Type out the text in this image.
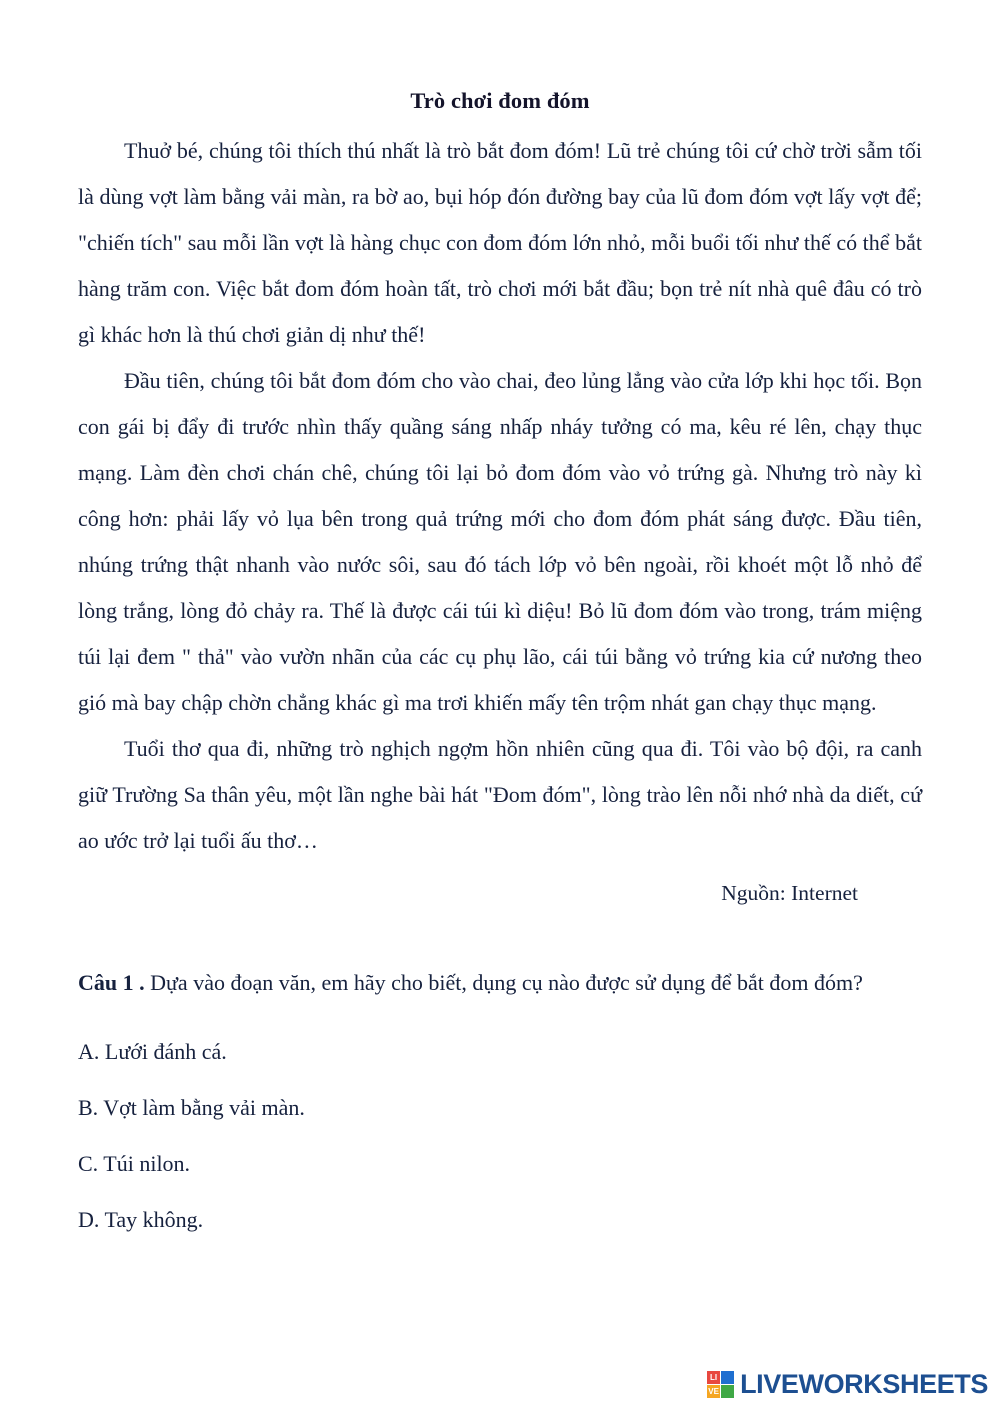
Trò chơi đom đóm

Thuở bé, chúng tôi thích thú nhất là trò bắt đom đóm! Lũ trẻ chúng tôi cứ chờ trời sẫm tối là dùng vợt làm bằng vải màn, ra bờ ao, bụi hóp đón đường bay của lũ đom đóm vợt lấy vợt để; "chiến tích" sau mỗi lần vợt là hàng chục con đom đóm lớn nhỏ, mỗi buổi tối như thế có thể bắt hàng trăm con. Việc bắt đom đóm hoàn tất, trò chơi mới bắt đầu; bọn trẻ nít nhà quê đâu có trò gì khác hơn là thú chơi giản dị như thế!

Đầu tiên, chúng tôi bắt đom đóm cho vào chai, đeo lủng lẳng vào cửa lớp khi học tối. Bọn con gái bị đẩy đi trước nhìn thấy quầng sáng nhấp nháy tưởng có ma, kêu ré lên, chạy thục mạng. Làm đèn chơi chán chê, chúng tôi lại bỏ đom đóm vào vỏ trứng gà. Nhưng trò này kì công hơn: phải lấy vỏ lụa bên trong quả trứng mới cho đom đóm phát sáng được. Đầu tiên, nhúng trứng thật nhanh vào nước sôi, sau đó tách lớp vỏ bên ngoài, rồi khoét một lỗ nhỏ để lòng trắng, lòng đỏ chảy ra. Thế là được cái túi kì diệu! Bỏ lũ đom đóm vào trong, trám miệng túi lại đem " thả" vào vườn nhãn của các cụ phụ lão, cái túi bằng vỏ trứng kia cứ nương theo gió mà bay chập chờn chẳng khác gì ma trơi khiến mấy tên trộm nhát gan chạy thục mạng.

Tuổi thơ qua đi, những trò nghịch ngợm hồn nhiên cũng qua đi. Tôi vào bộ đội, ra canh giữ Trường Sa thân yêu, một lần nghe bài hát "Đom đóm", lòng trào lên nỗi nhớ nhà da diết, cứ ao ước trở lại tuổi ấu thơ…

Nguồn: Internet

Câu 1 . Dựa vào đoạn văn, em hãy cho biết, dụng cụ nào được sử dụng để bắt đom đóm?

A. Lưới đánh cá.

B. Vợt làm bằng vải màn.

C. Túi nilon.

D. Tay không.

LI
VE LIVEWORKSHEETS
